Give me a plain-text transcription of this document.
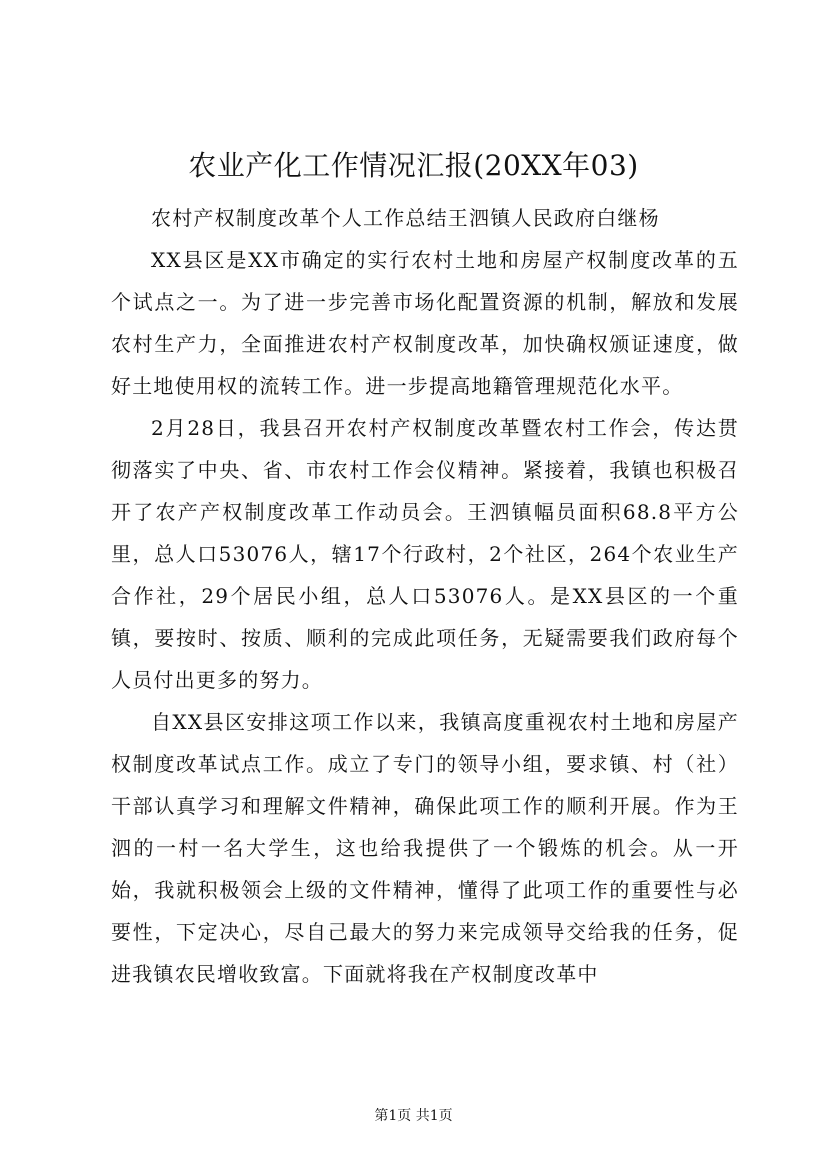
农业产化工作情况汇报(20XX年03)

农村产权制度改革个人工作总结王泗镇人民政府白继杨

XX县区是XX市确定的实行农村土地和房屋产权制度改革的五个试点之一。为了进一步完善市场化配置资源的机制，解放和发展农村生产力，全面推进农村产权制度改革，加快确权颁证速度，做好土地使用权的流转工作。进一步提高地籍管理规范化水平。

2月28日，我县召开农村产权制度改革暨农村工作会，传达贯彻落实了中央、省、市农村工作会仪精神。紧接着，我镇也积极召开了农产产权制度改革工作动员会。王泗镇幅员面积68.8平方公里，总人口53076人，辖17个行政村，2个社区，264个农业生产合作社，29个居民小组，总人口53076人。是XX县区的一个重镇，要按时、按质、顺利的完成此项任务，无疑需要我们政府每个人员付出更多的努力。

自XX县区安排这项工作以来，我镇高度重视农村土地和房屋产权制度改革试点工作。成立了专门的领导小组，要求镇、村（社）干部认真学习和理解文件精神，确保此项工作的顺利开展。作为王泗的一村一名大学生，这也给我提供了一个锻炼的机会。从一开始，我就积极领会上级的文件精神，懂得了此项工作的重要性与必要性，下定决心，尽自己最大的努力来完成领导交给我的任务，促进我镇农民增收致富。下面就将我在产权制度改革中

第1页 共1页
